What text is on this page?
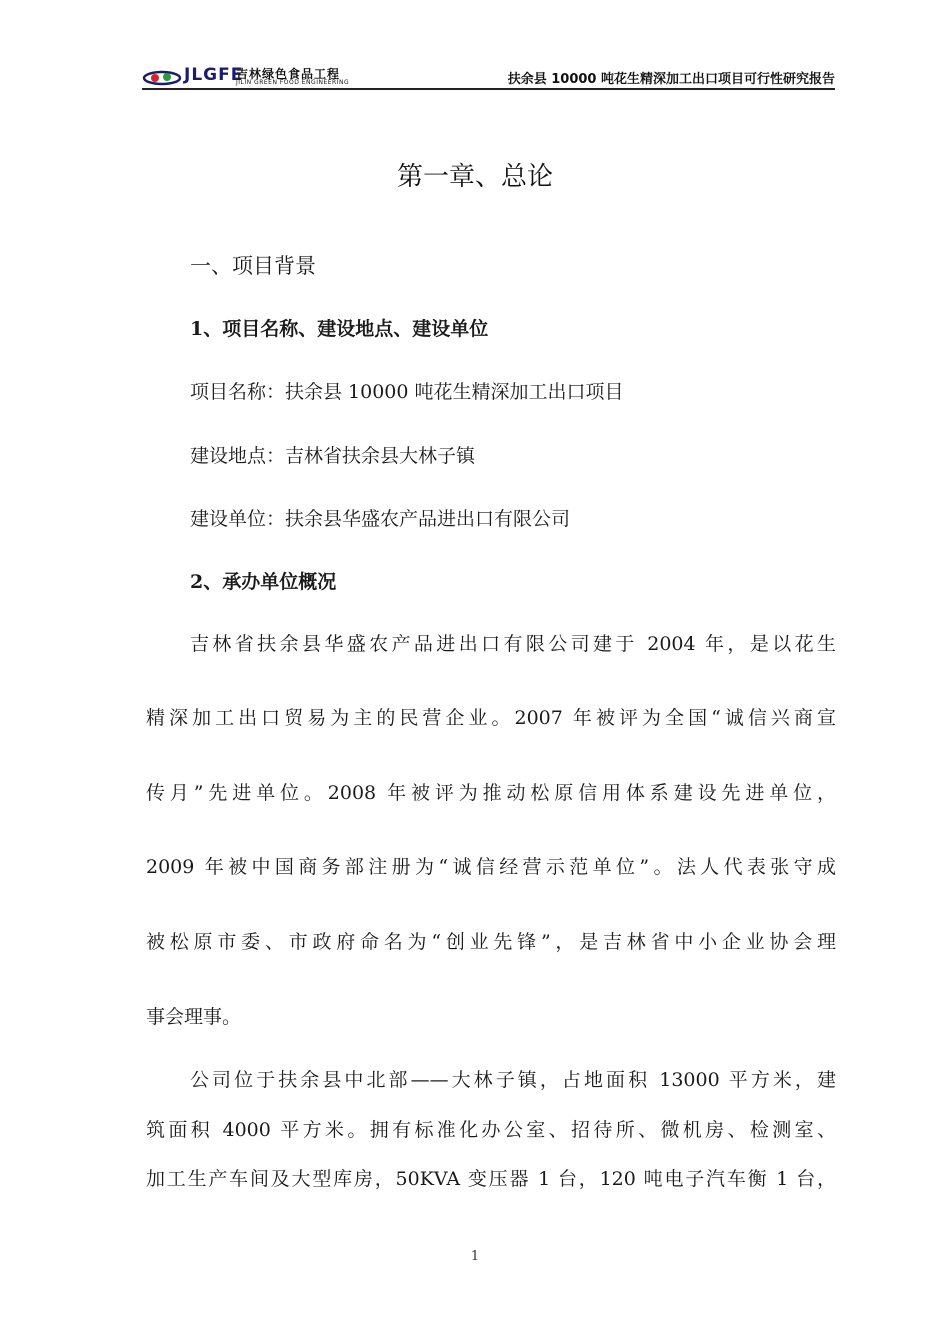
JLGFE
吉林绿色食品工程
JILIN GREEN FOOD ENGINEERING	扶余县 10000 吨花生精深加工出口项目可行性研究报告
第一章、总论
一、项目背景
1、项目名称、建设地点、建设单位
项目名称：扶余县 10000 吨花生精深加工出口项目
建设地点：吉林省扶余县大林子镇
建设单位：扶余县华盛农产品进出口有限公司
2、承办单位概况
吉林省扶余县华盛农产品进出口有限公司建于 2004 年，是以花生
精深加工出口贸易为主的民营企业。2007 年被评为全国“诚信兴商宣
传月”先进单位。2008 年被评为推动松原信用体系建设先进单位，
2009 年被中国商务部注册为“诚信经营示范单位”。法人代表张守成
被松原市委、市政府命名为“创业先锋”，是吉林省中小企业协会理
事会理事。
公司位于扶余县中北部——大林子镇，占地面积 13000 平方米，建
筑面积 4000 平方米。拥有标准化办公室、招待所、微机房、检测室、
加工生产车间及大型库房，50KVA 变压器 1 台，120 吨电子汽车衡 1 台，
1
